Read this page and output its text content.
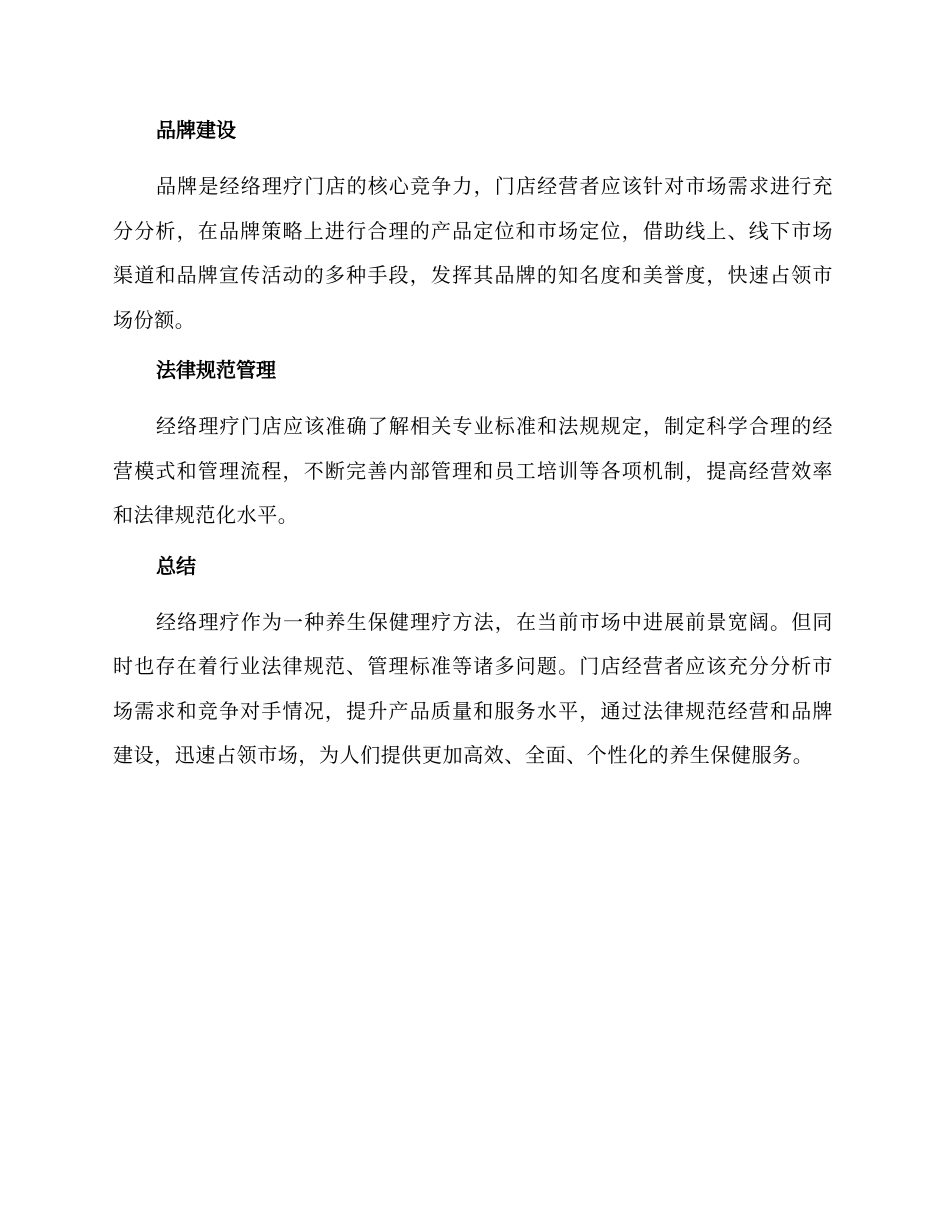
品牌建设

品牌是经络理疗门店的核心竞争力，门店经营者应该针对市场需求进行充分分析，在品牌策略上进行合理的产品定位和市场定位，借助线上、线下市场渠道和品牌宣传活动的多种手段，发挥其品牌的知名度和美誉度，快速占领市场份额。

法律规范管理

经络理疗门店应该准确了解相关专业标准和法规规定，制定科学合理的经营模式和管理流程，不断完善内部管理和员工培训等各项机制，提高经营效率和法律规范化水平。

总结

经络理疗作为一种养生保健理疗方法，在当前市场中进展前景宽阔。但同时也存在着行业法律规范、管理标准等诸多问题。门店经营者应该充分分析市场需求和竞争对手情况，提升产品质量和服务水平，通过法律规范经营和品牌建设，迅速占领市场，为人们提供更加高效、全面、个性化的养生保健服务。
